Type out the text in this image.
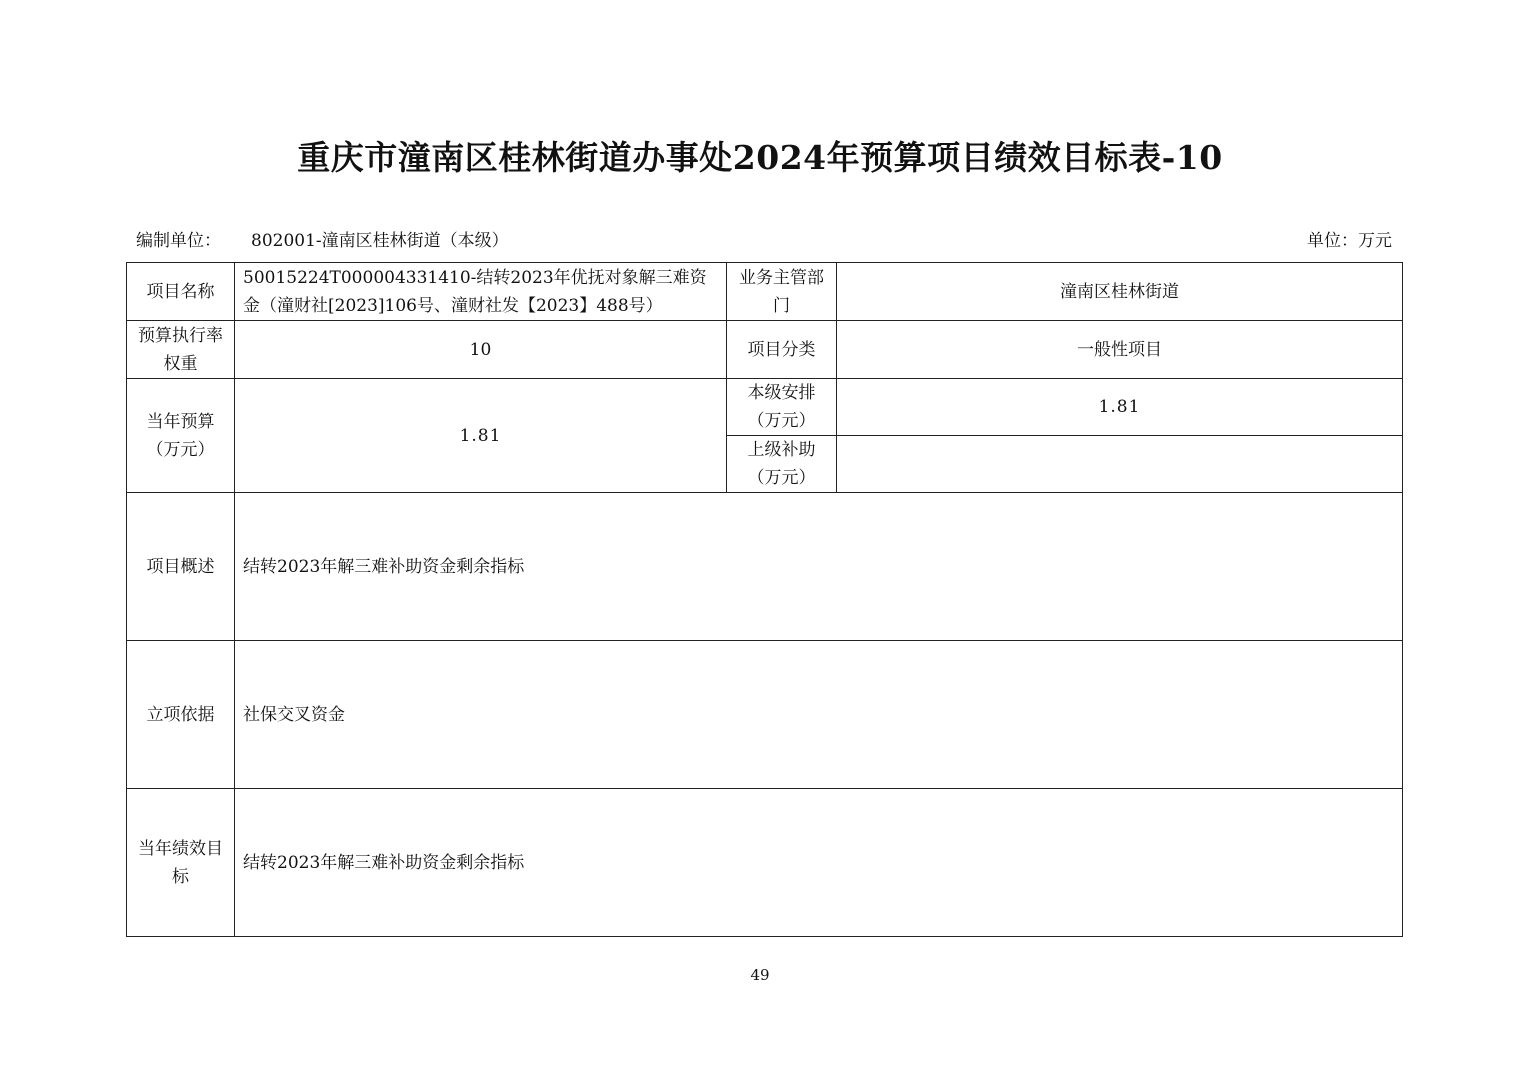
重庆市潼南区桂林街道办事处2024年预算项目绩效目标表-10
编制单位： 802001-潼南区桂林街道（本级）	单位：万元
项目名称	50015224T000004331410-结转2023年优抚对象解三难资金（潼财社[2023]106号、潼财社发【2023】488号）	业务主管部门	潼南区桂林街道
预算执行率权重	10	项目分类	一般性项目
当年预算（万元）	1.81	本级安排（万元）	1.81
		上级补助（万元）	
项目概述	结转2023年解三难补助资金剩余指标		
立项依据	社保交叉资金		
当年绩效目标	结转2023年解三难补助资金剩余指标		
49
